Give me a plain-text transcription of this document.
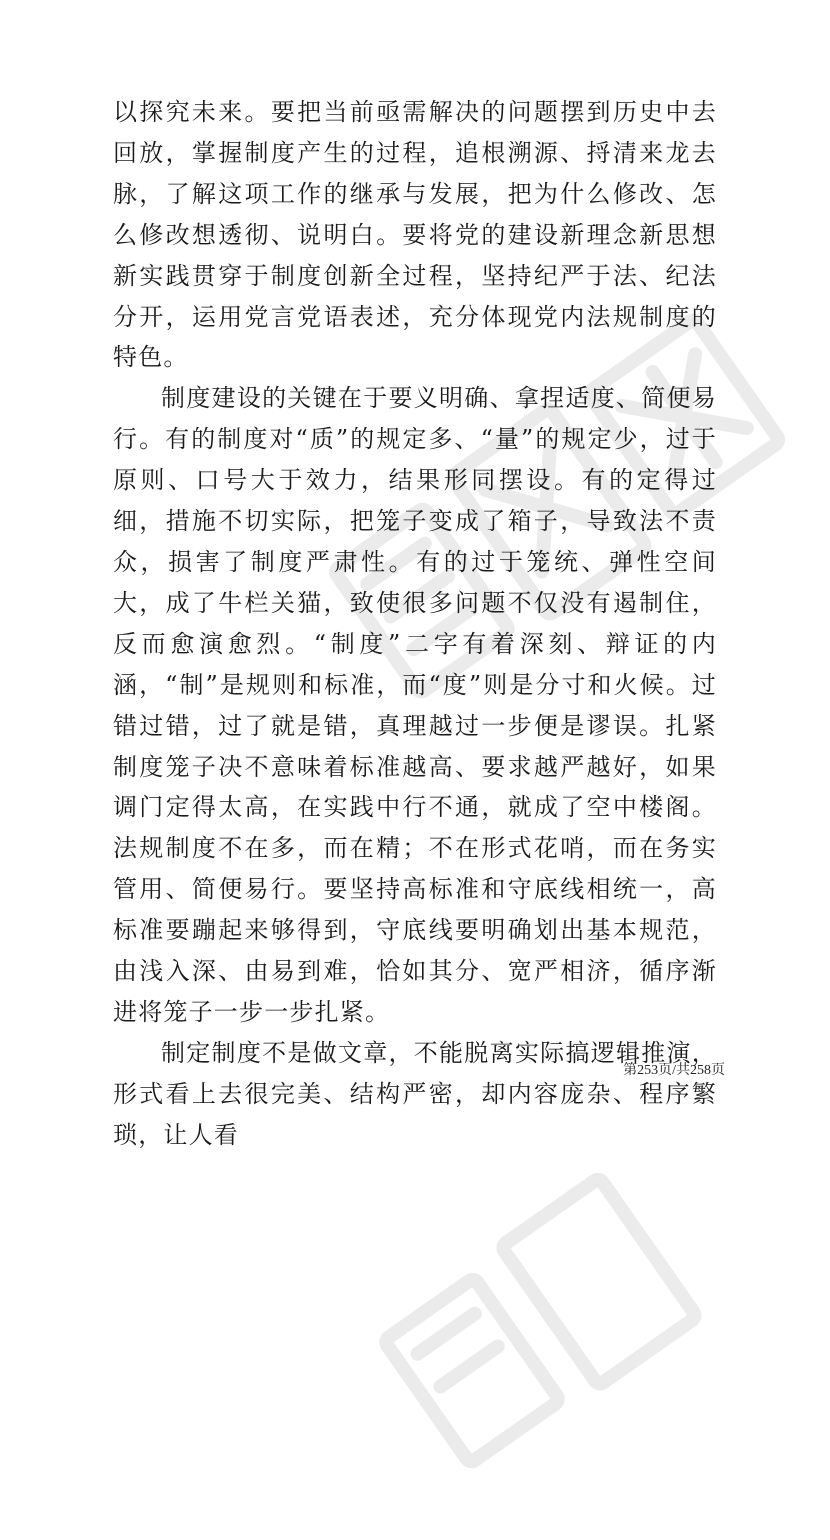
以探究未来。要把当前亟需解决的问题摆到历史中去回放，掌握制度产生的过程，追根溯源、捋清来龙去脉，了解这项工作的继承与发展，把为什么修改、怎么修改想透彻、说明白。要将党的建设新理念新思想新实践贯穿于制度创新全过程，坚持纪严于法、纪法分开，运用党言党语表述，充分体现党内法规制度的特色。

制度建设的关键在于要义明确、拿捏适度、简便易行。有的制度对“质”的规定多、“量”的规定少，过于原则、口号大于效力，结果形同摆设。有的定得过细，措施不切实际，把笼子变成了箱子，导致法不责众，损害了制度严肃性。有的过于笼统、弹性空间大，成了牛栏关猫，致使很多问题不仅没有遏制住，反而愈演愈烈。“制度”二字有着深刻、辩证的内涵，“制”是规则和标准，而“度”则是分寸和火候。过错过错，过了就是错，真理越过一步便是谬误。扎紧制度笼子决不意味着标准越高、要求越严越好，如果调门定得太高，在实践中行不通，就成了空中楼阁。法规制度不在多，而在精；不在形式花哨，而在务实管用、简便易行。要坚持高标准和守底线相统一，高标准要蹦起来够得到，守底线要明确划出基本规范，由浅入深、由易到难，恰如其分、宽严相济，循序渐进将笼子一步一步扎紧。

制定制度不是做文章，不能脱离实际搞逻辑推演，形式看上去很完美、结构严密，却内容庞杂、程序繁琐，让人看

第253页/共258页
